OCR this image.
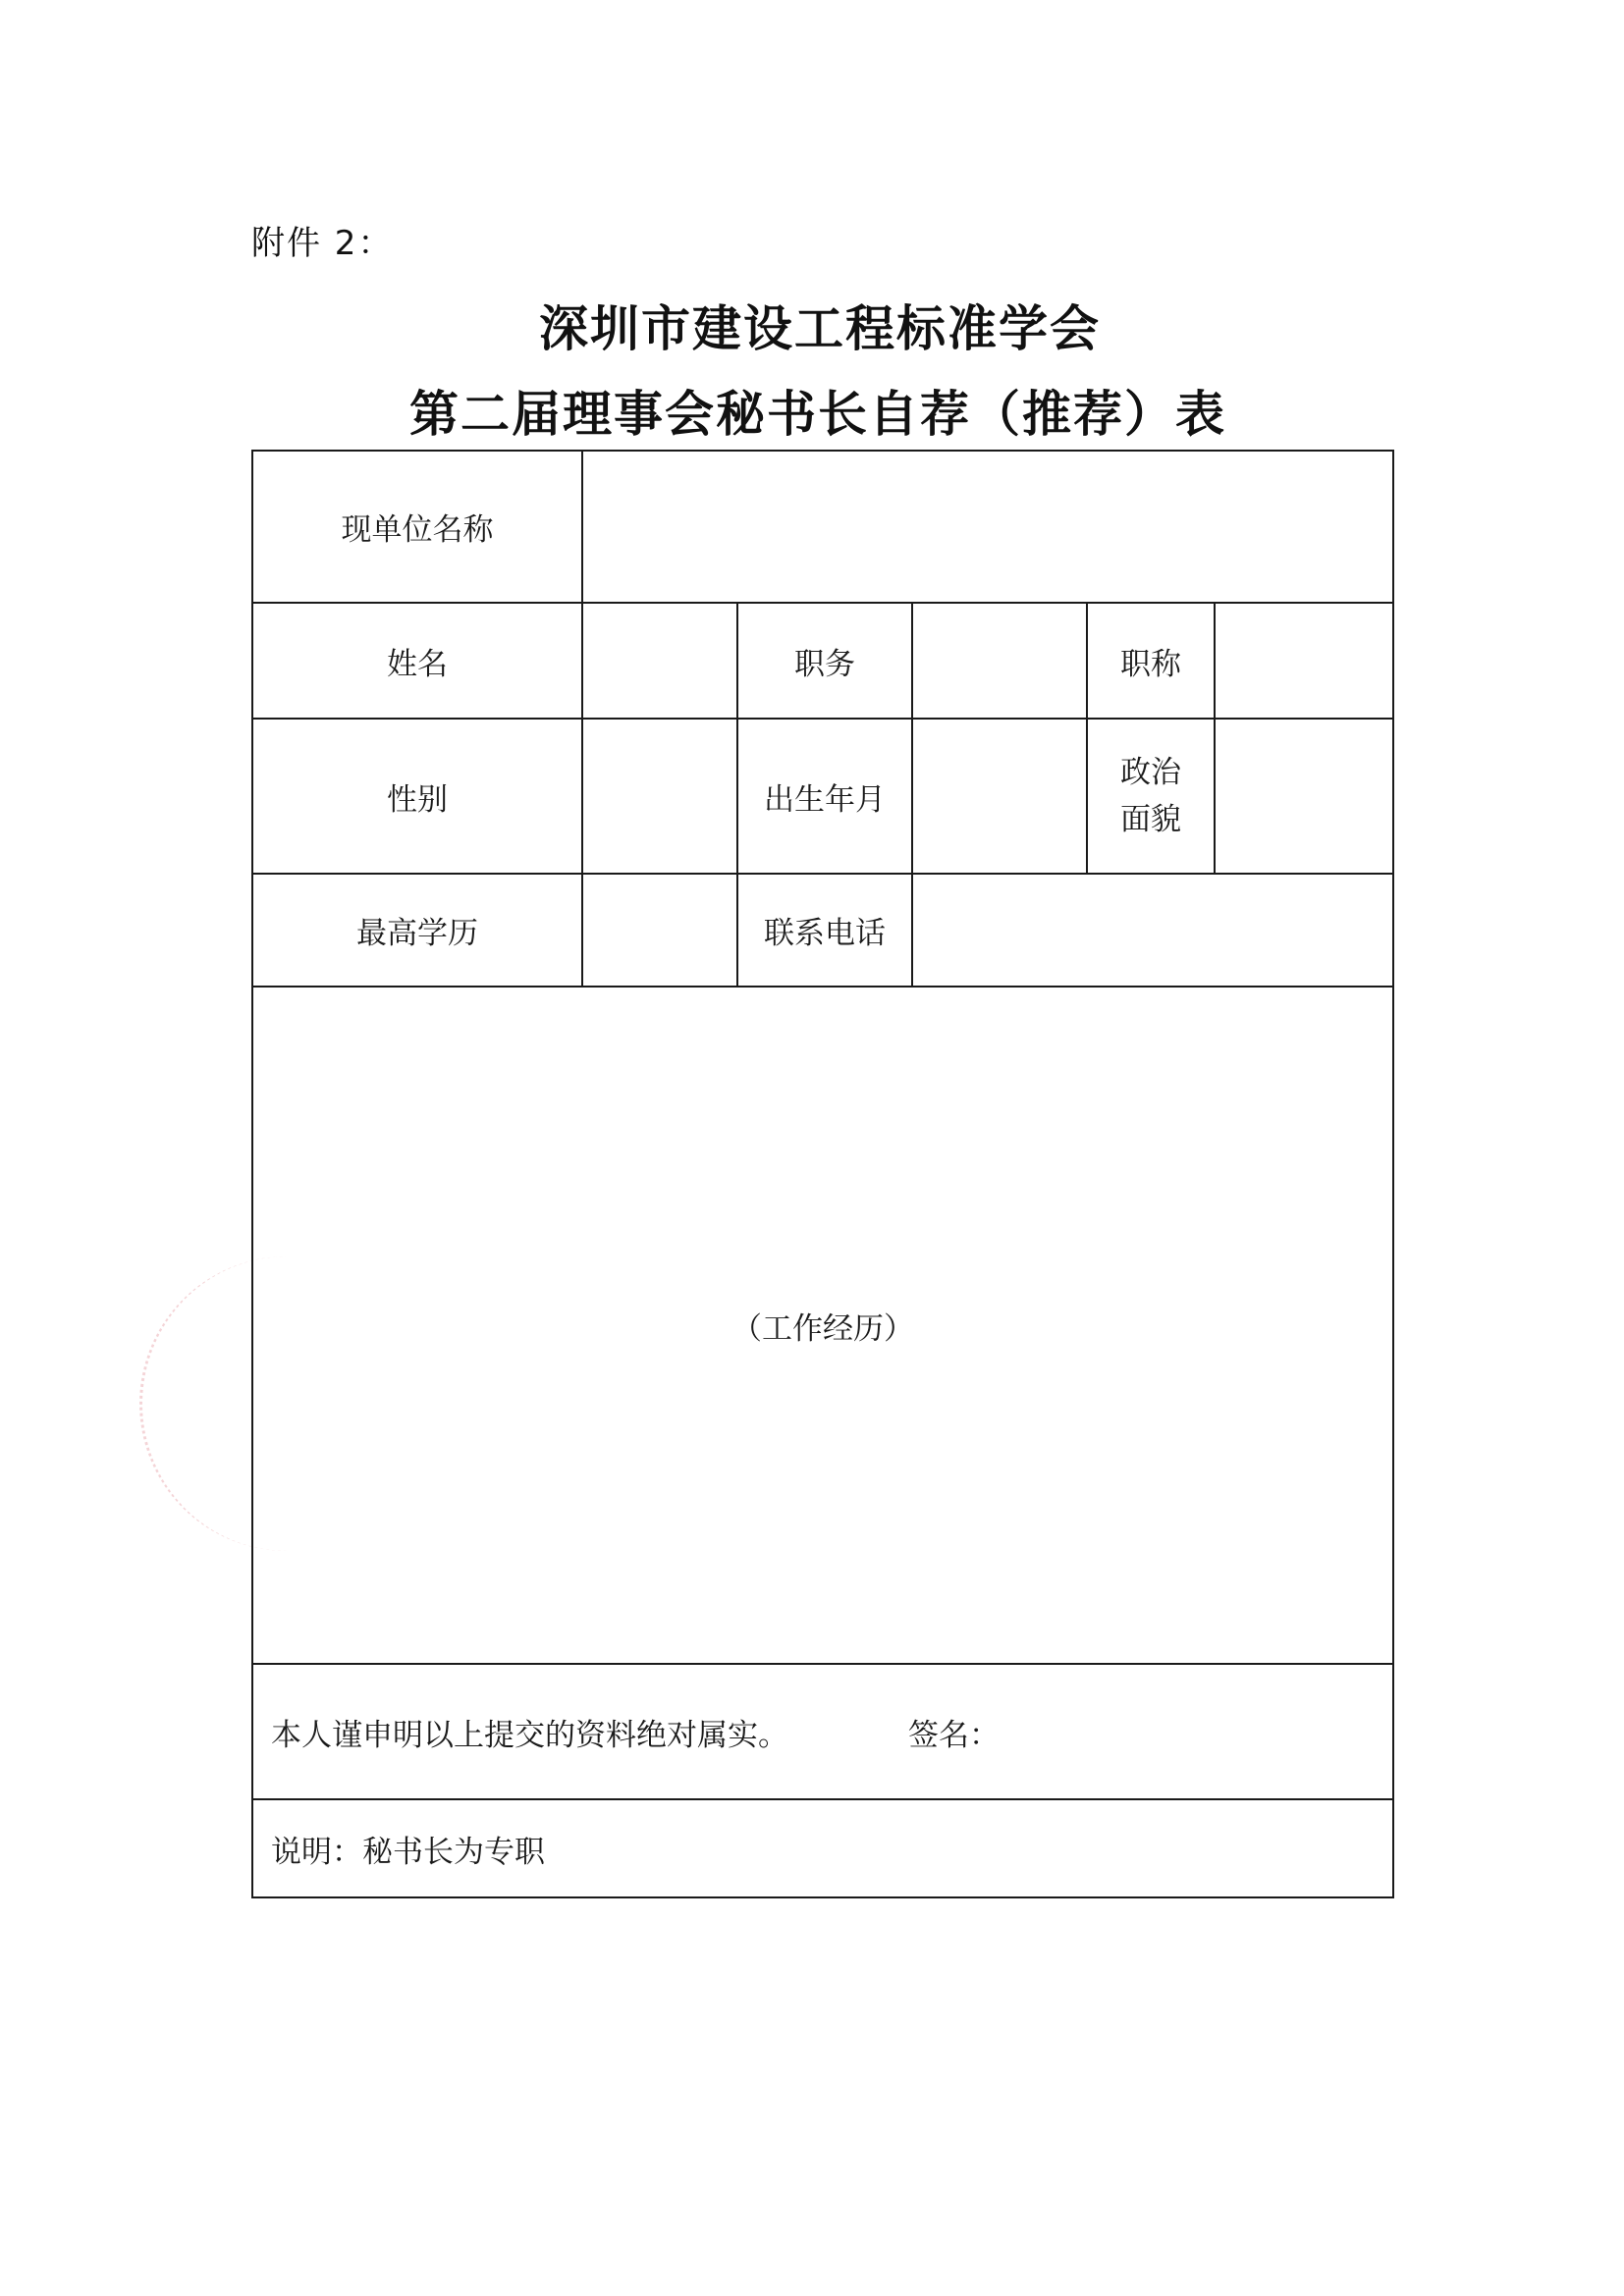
附件 2：
深圳市建设工程标准学会
第二届理事会秘书长自荐（推荐）表
现单位名称					
姓名		职务		职称	
性别		出生年月		政治
面貌	

最高学历		联系电话			
（工作经历）					

本人谨申明以上提交的资料绝对属实。 签名：					

说明：秘书长为专职					
